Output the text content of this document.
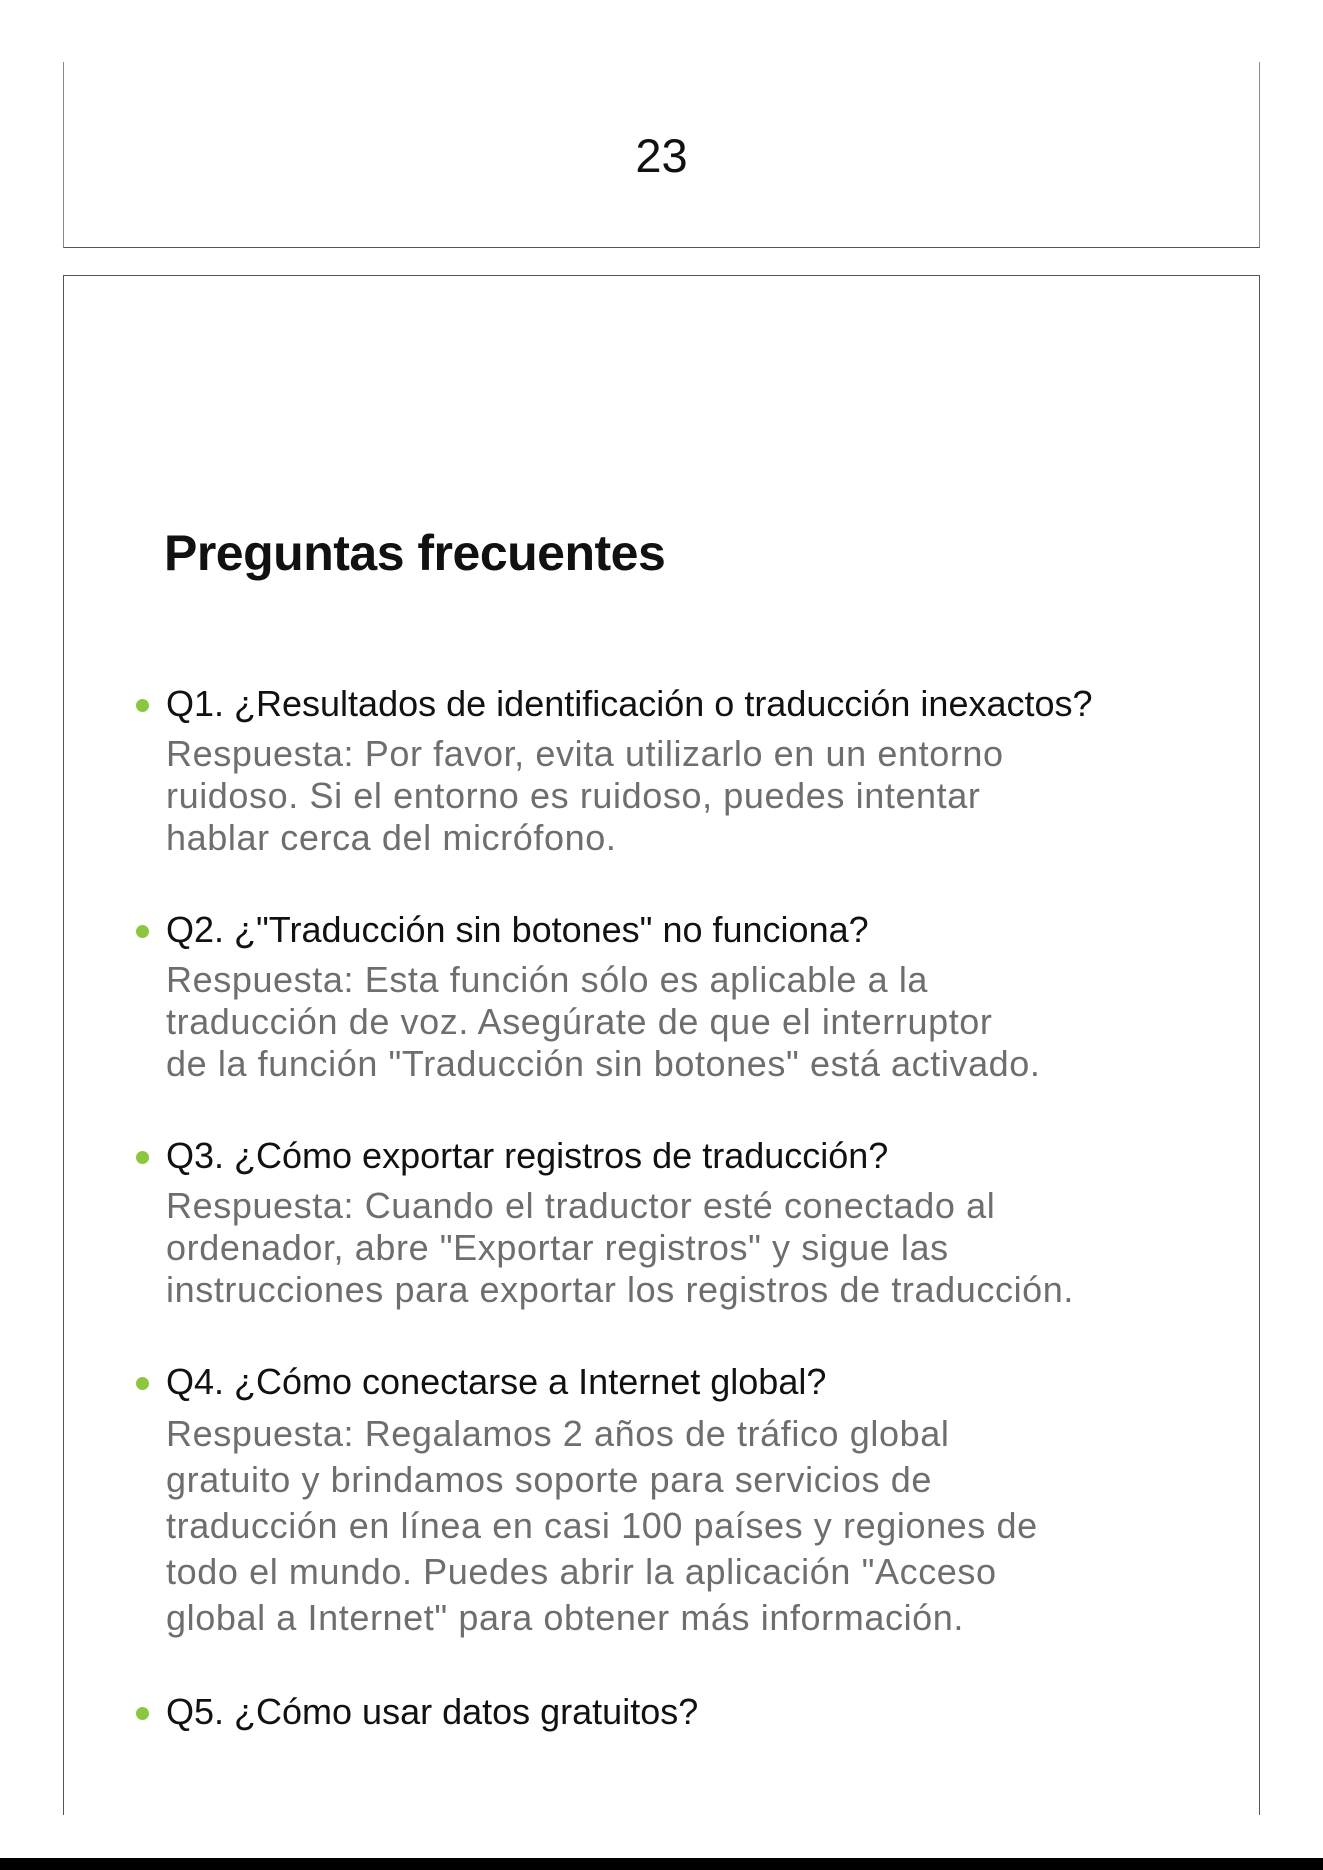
23
Preguntas frecuentes
Q1. ¿Resultados de identificación o traducción inexactos?
Respuesta: Por favor, evita utilizarlo en un entorno
ruidoso. Si el entorno es ruidoso, puedes intentar
hablar cerca del micrófono.
Q2. ¿"Traducción sin botones" no funciona?
Respuesta: Esta función sólo es aplicable a la
traducción de voz. Asegúrate de que el interruptor
de la función "Traducción sin botones" está activado.
Q3. ¿Cómo exportar registros de traducción?
Respuesta: Cuando el traductor esté conectado al
ordenador, abre "Exportar registros" y sigue las
instrucciones para exportar los registros de traducción.
Q4. ¿Cómo conectarse a Internet global?
Respuesta: Regalamos 2 años de tráfico global
gratuito y brindamos soporte para servicios de
traducción en línea en casi 100 países y regiones de
todo el mundo. Puedes abrir la aplicación "Acceso
global a Internet" para obtener más información.
Q5. ¿Cómo usar datos gratuitos?
